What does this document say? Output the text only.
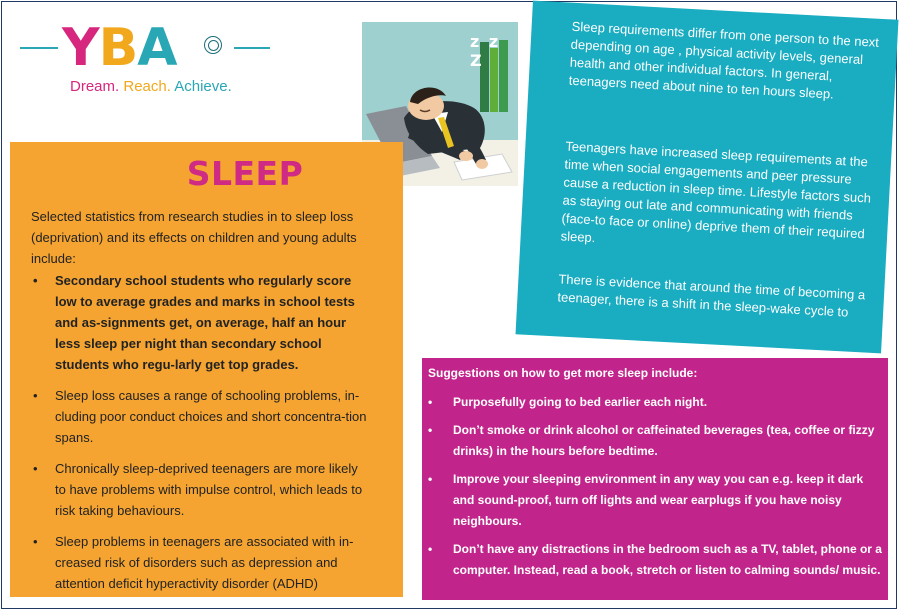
YBA
Dream. Reach. Achieve.
z z Z
SLEEP
Selected statistics from research studies in to sleep loss (deprivation) and its effects on children and young adults include:
• Secondary school students who regularly score low to average grades and marks in school tests and as-signments get, on average, half an hour less sleep per night than secondary school students who regu-larly get top grades.
• Sleep loss causes a range of schooling problems, in-cluding poor conduct choices and short concentra-tion spans.
• Chronically sleep-deprived teenagers are more likely to have problems with impulse control, which leads to risk taking behaviours.
• Sleep problems in teenagers are associated with in-creased risk of disorders such as depression and attention deficit hyperactivity disorder (ADHD)

Sleep requirements differ from one person to the next depending on age , physical activity levels, general health and other individual factors. In general, teenagers need about nine to ten hours sleep.

Teenagers have increased sleep requirements at the time when social engagements and peer pressure cause a reduction in sleep time. Lifestyle factors such as staying out late and communicating with friends (face-to face or online) deprive them of their required sleep.

There is evidence that around the time of becoming a teenager, there is a shift in the sleep-wake cycle to

Suggestions on how to get more sleep include:
• Purposefully going to bed earlier each night.
• Don’t smoke or drink alcohol or caffeinated beverages (tea, coffee or fizzy drinks) in the hours before bedtime.
• Improve your sleeping environment in any way you can e.g. keep it dark and sound-proof, turn off lights and wear earplugs if you have noisy neighbours.
• Don’t have any distractions in the bedroom such as a TV, tablet, phone or a computer. Instead, read a book, stretch or listen to calming sounds/ music.
